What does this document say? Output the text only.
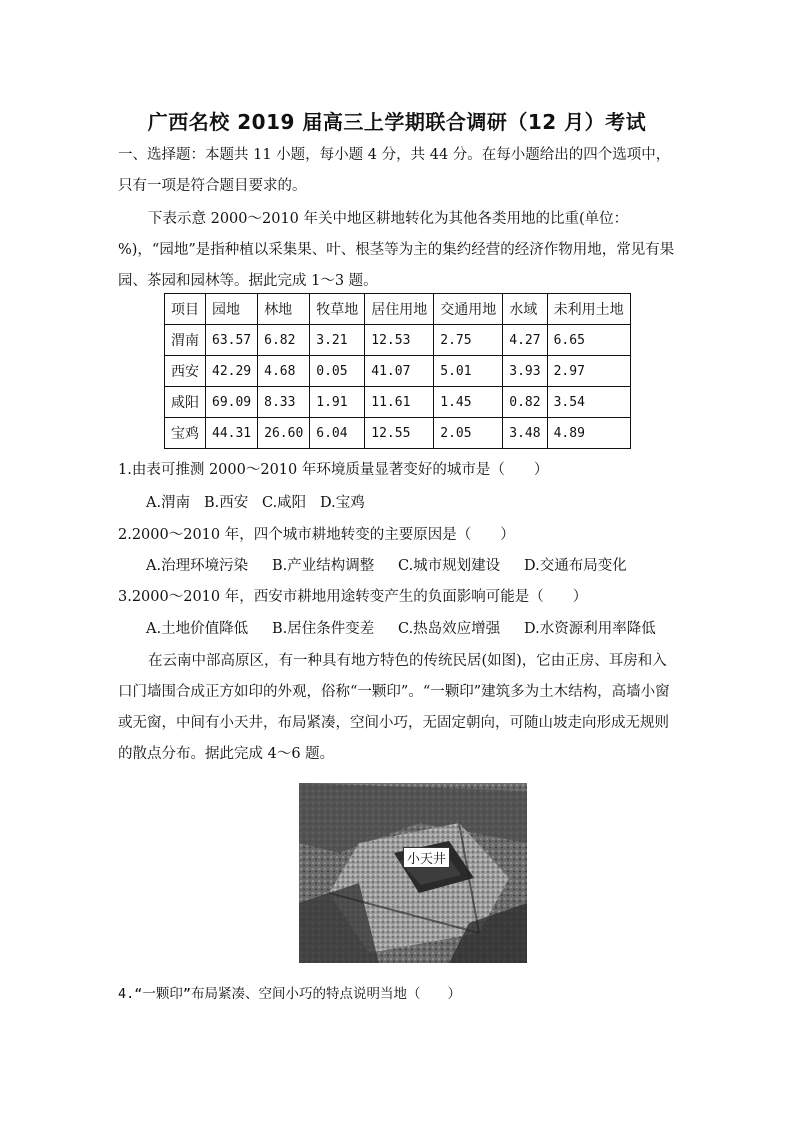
广西名校 2019 届高三上学期联合调研（12 月）考试
一、选择题：本题共 11 小题，每小题 4 分，共 44 分。在每小题给出的四个选项中，只有一项是符合题目要求的。
下表示意 2000～2010 年关中地区耕地转化为其他各类用地的比重(单位：%)，“园地”是指种植以采集果、叶、根茎等为主的集约经营的经济作物用地，常见有果园、茶园和园林等。据此完成 1～3 题。
项目	园地	林地	牧草地	居住用地	交通用地	水域	未利用土地
渭南	63.57	6.82	3.21	12.53	2.75	4.27	6.65
西安	42.29	4.68	0.05	41.07	5.01	3.93	2.97
咸阳	69.09	8.33	1.91	11.61	1.45	0.82	3.54
宝鸡	44.31	26.60	6.04	12.55	2.05	3.48	4.89
1.由表可推测 2000～2010 年环境质量显著变好的城市是（　　）
A.渭南 B.西安 C.咸阳 D.宝鸡
2.2000～2010 年，四个城市耕地转变的主要原因是（　　）
A.治理环境污染 B.产业结构调整 C.城市规划建设 D.交通布局变化
3.2000～2010 年，西安市耕地用途转变产生的负面影响可能是（　　）
A.土地价值降低 B.居住条件变差 C.热岛效应增强 D.水资源利用率降低
在云南中部高原区，有一种具有地方特色的传统民居(如图)，它由正房、耳房和入口门墙围合成正方如印的外观，俗称“一颗印”。“一颗印”建筑多为土木结构，高墙小窗或无窗，中间有小天井，布局紧凑，空间小巧，无固定朝向，可随山坡走向形成无规则的散点分布。据此完成 4～6 题。
小天井
4.“一颗印”布局紧凑、空间小巧的特点说明当地（　　）
